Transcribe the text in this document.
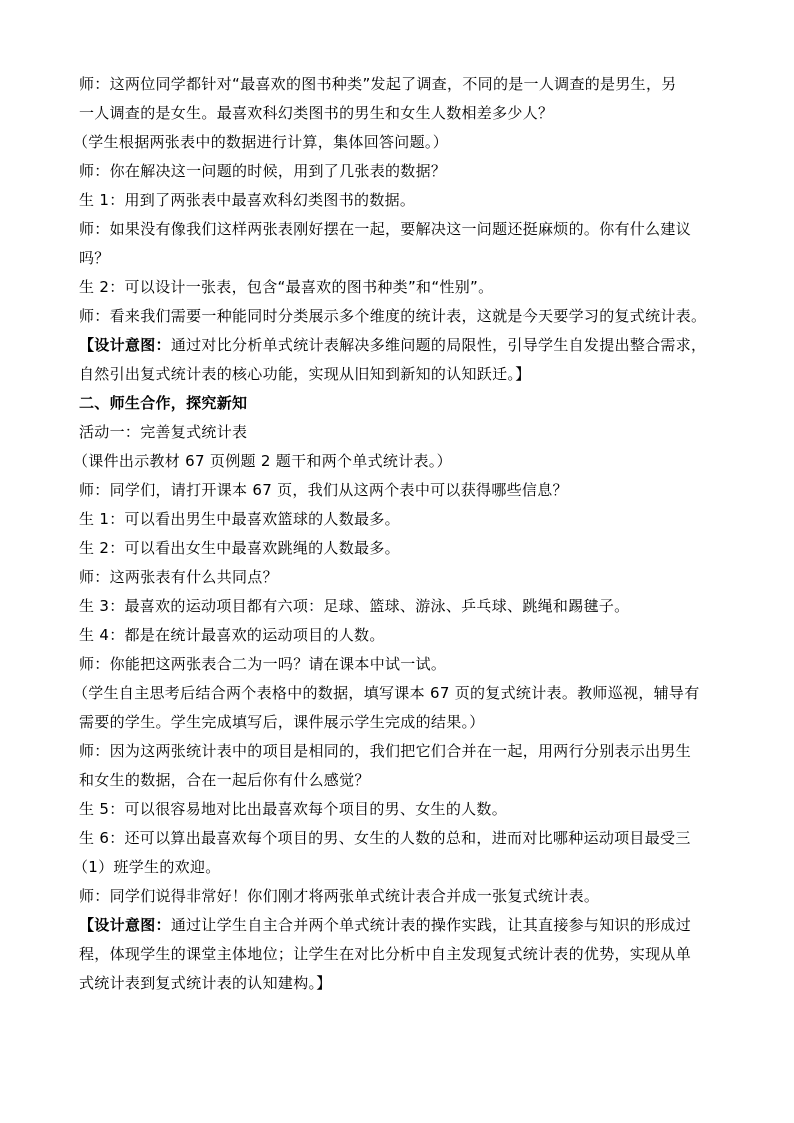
师：这两位同学都针对“最喜欢的图书种类”发起了调查，不同的是一人调查的是男生，另
一人调查的是女生。最喜欢科幻类图书的男生和女生人数相差多少人？
（学生根据两张表中的数据进行计算，集体回答问题。）
师：你在解决这一问题的时候，用到了几张表的数据？
生 1：用到了两张表中最喜欢科幻类图书的数据。
师：如果没有像我们这样两张表刚好摆在一起，要解决这一问题还挺麻烦的。你有什么建议
吗？
生 2：可以设计一张表，包含“最喜欢的图书种类”和“性别”。
师：看来我们需要一种能同时分类展示多个维度的统计表，这就是今天要学习的复式统计表。
【设计意图：通过对比分析单式统计表解决多维问题的局限性，引导学生自发提出整合需求，
自然引出复式统计表的核心功能，实现从旧知到新知的认知跃迁。】
二、师生合作，探究新知
活动一：完善复式统计表
（课件出示教材 67 页例题 2 题干和两个单式统计表。）
师：同学们，请打开课本 67 页，我们从这两个表中可以获得哪些信息？
生 1：可以看出男生中最喜欢篮球的人数最多。
生 2：可以看出女生中最喜欢跳绳的人数最多。
师：这两张表有什么共同点？
生 3：最喜欢的运动项目都有六项：足球、篮球、游泳、乒乓球、跳绳和踢毽子。
生 4：都是在统计最喜欢的运动项目的人数。
师：你能把这两张表合二为一吗？请在课本中试一试。
（学生自主思考后结合两个表格中的数据，填写课本 67 页的复式统计表。教师巡视，辅导有
需要的学生。学生完成填写后，课件展示学生完成的结果。）
师：因为这两张统计表中的项目是相同的，我们把它们合并在一起，用两行分别表示出男生
和女生的数据，合在一起后你有什么感觉？
生 5：可以很容易地对比出最喜欢每个项目的男、女生的人数。
生 6：还可以算出最喜欢每个项目的男、女生的人数的总和，进而对比哪种运动项目最受三
（1）班学生的欢迎。
师：同学们说得非常好！你们刚才将两张单式统计表合并成一张复式统计表。
【设计意图：通过让学生自主合并两个单式统计表的操作实践，让其直接参与知识的形成过
程，体现学生的课堂主体地位；让学生在对比分析中自主发现复式统计表的优势，实现从单
式统计表到复式统计表的认知建构。】
